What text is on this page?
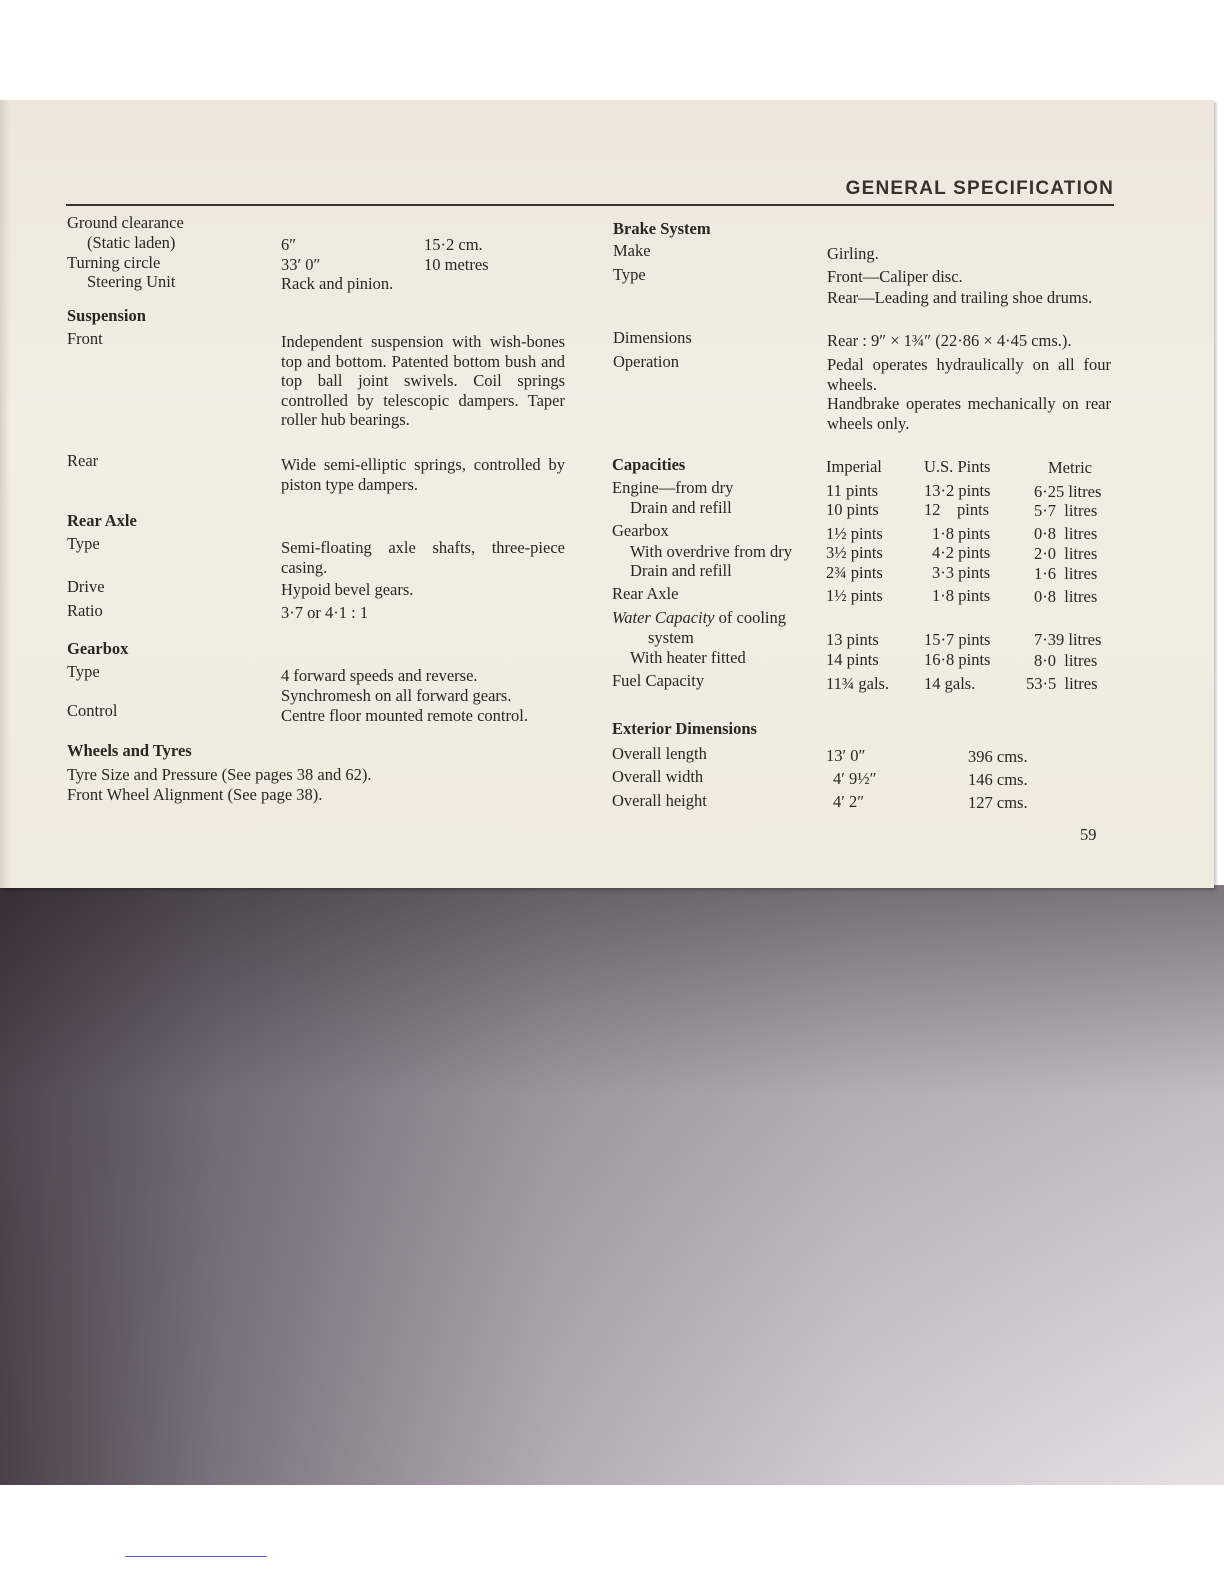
GENERAL SPECIFICATION
Ground clearance
(Static laden)	6″	15·2 cm.
Turning circle	33′ 0″	10 metres
Steering Unit	Rack and pinion.
Suspension
Front	Independent suspension with wish-bones top and bottom. Patented bottom bush and top ball joint swivels. Coil springs controlled by telescopic dampers. Taper roller hub bearings.
Rear	Wide semi-elliptic springs, controlled by piston type dampers.
Rear Axle
Type	Semi-floating axle shafts, three-piece casing.
Drive	Hypoid bevel gears.
Ratio	3·7 or 4·1 : 1
Gearbox
Type	4 forward speeds and reverse.
Synchromesh on all forward gears.
Control	Centre floor mounted remote control.
Wheels and Tyres
Tyre Size and Pressure (See pages 38 and 62).
Front Wheel Alignment (See page 38).
Brake System
Make	Girling.
Type	Front—Caliper disc.
Rear—Leading and trailing shoe drums.
Dimensions	Rear : 9″ × 1¾″ (22·86 × 4·45 cms.).
Operation	Pedal operates hydraulically on all four wheels.
Handbrake operates mechanically on rear wheels only.
Capacities	Imperial	U.S. Pints	Metric
Engine—from dry	11 pints	13·2 pints	6·25 litres
Drain and refill	10 pints	12    pints	5·7  litres
Gearbox	1½ pints	1·8 pints	0·8  litres
With overdrive from dry 3½ pints	4·2 pints	2·0  litres
Drain and refill	2¾ pints	3·3 pints	1·6  litres
Rear Axle	1½ pints	1·8 pints	0·8  litres
Water Capacity of cooling
system	13 pints	15·7 pints	7·39 litres
With heater fitted	14 pints	16·8 pints	8·0  litres
Fuel Capacity	11¾ gals. 14 gals.	53·5  litres
Exterior Dimensions
Overall length	13′ 0″	396 cms.
Overall width	4′ 9½″	146 cms.
Overall height	4′ 2″	127 cms.
59
